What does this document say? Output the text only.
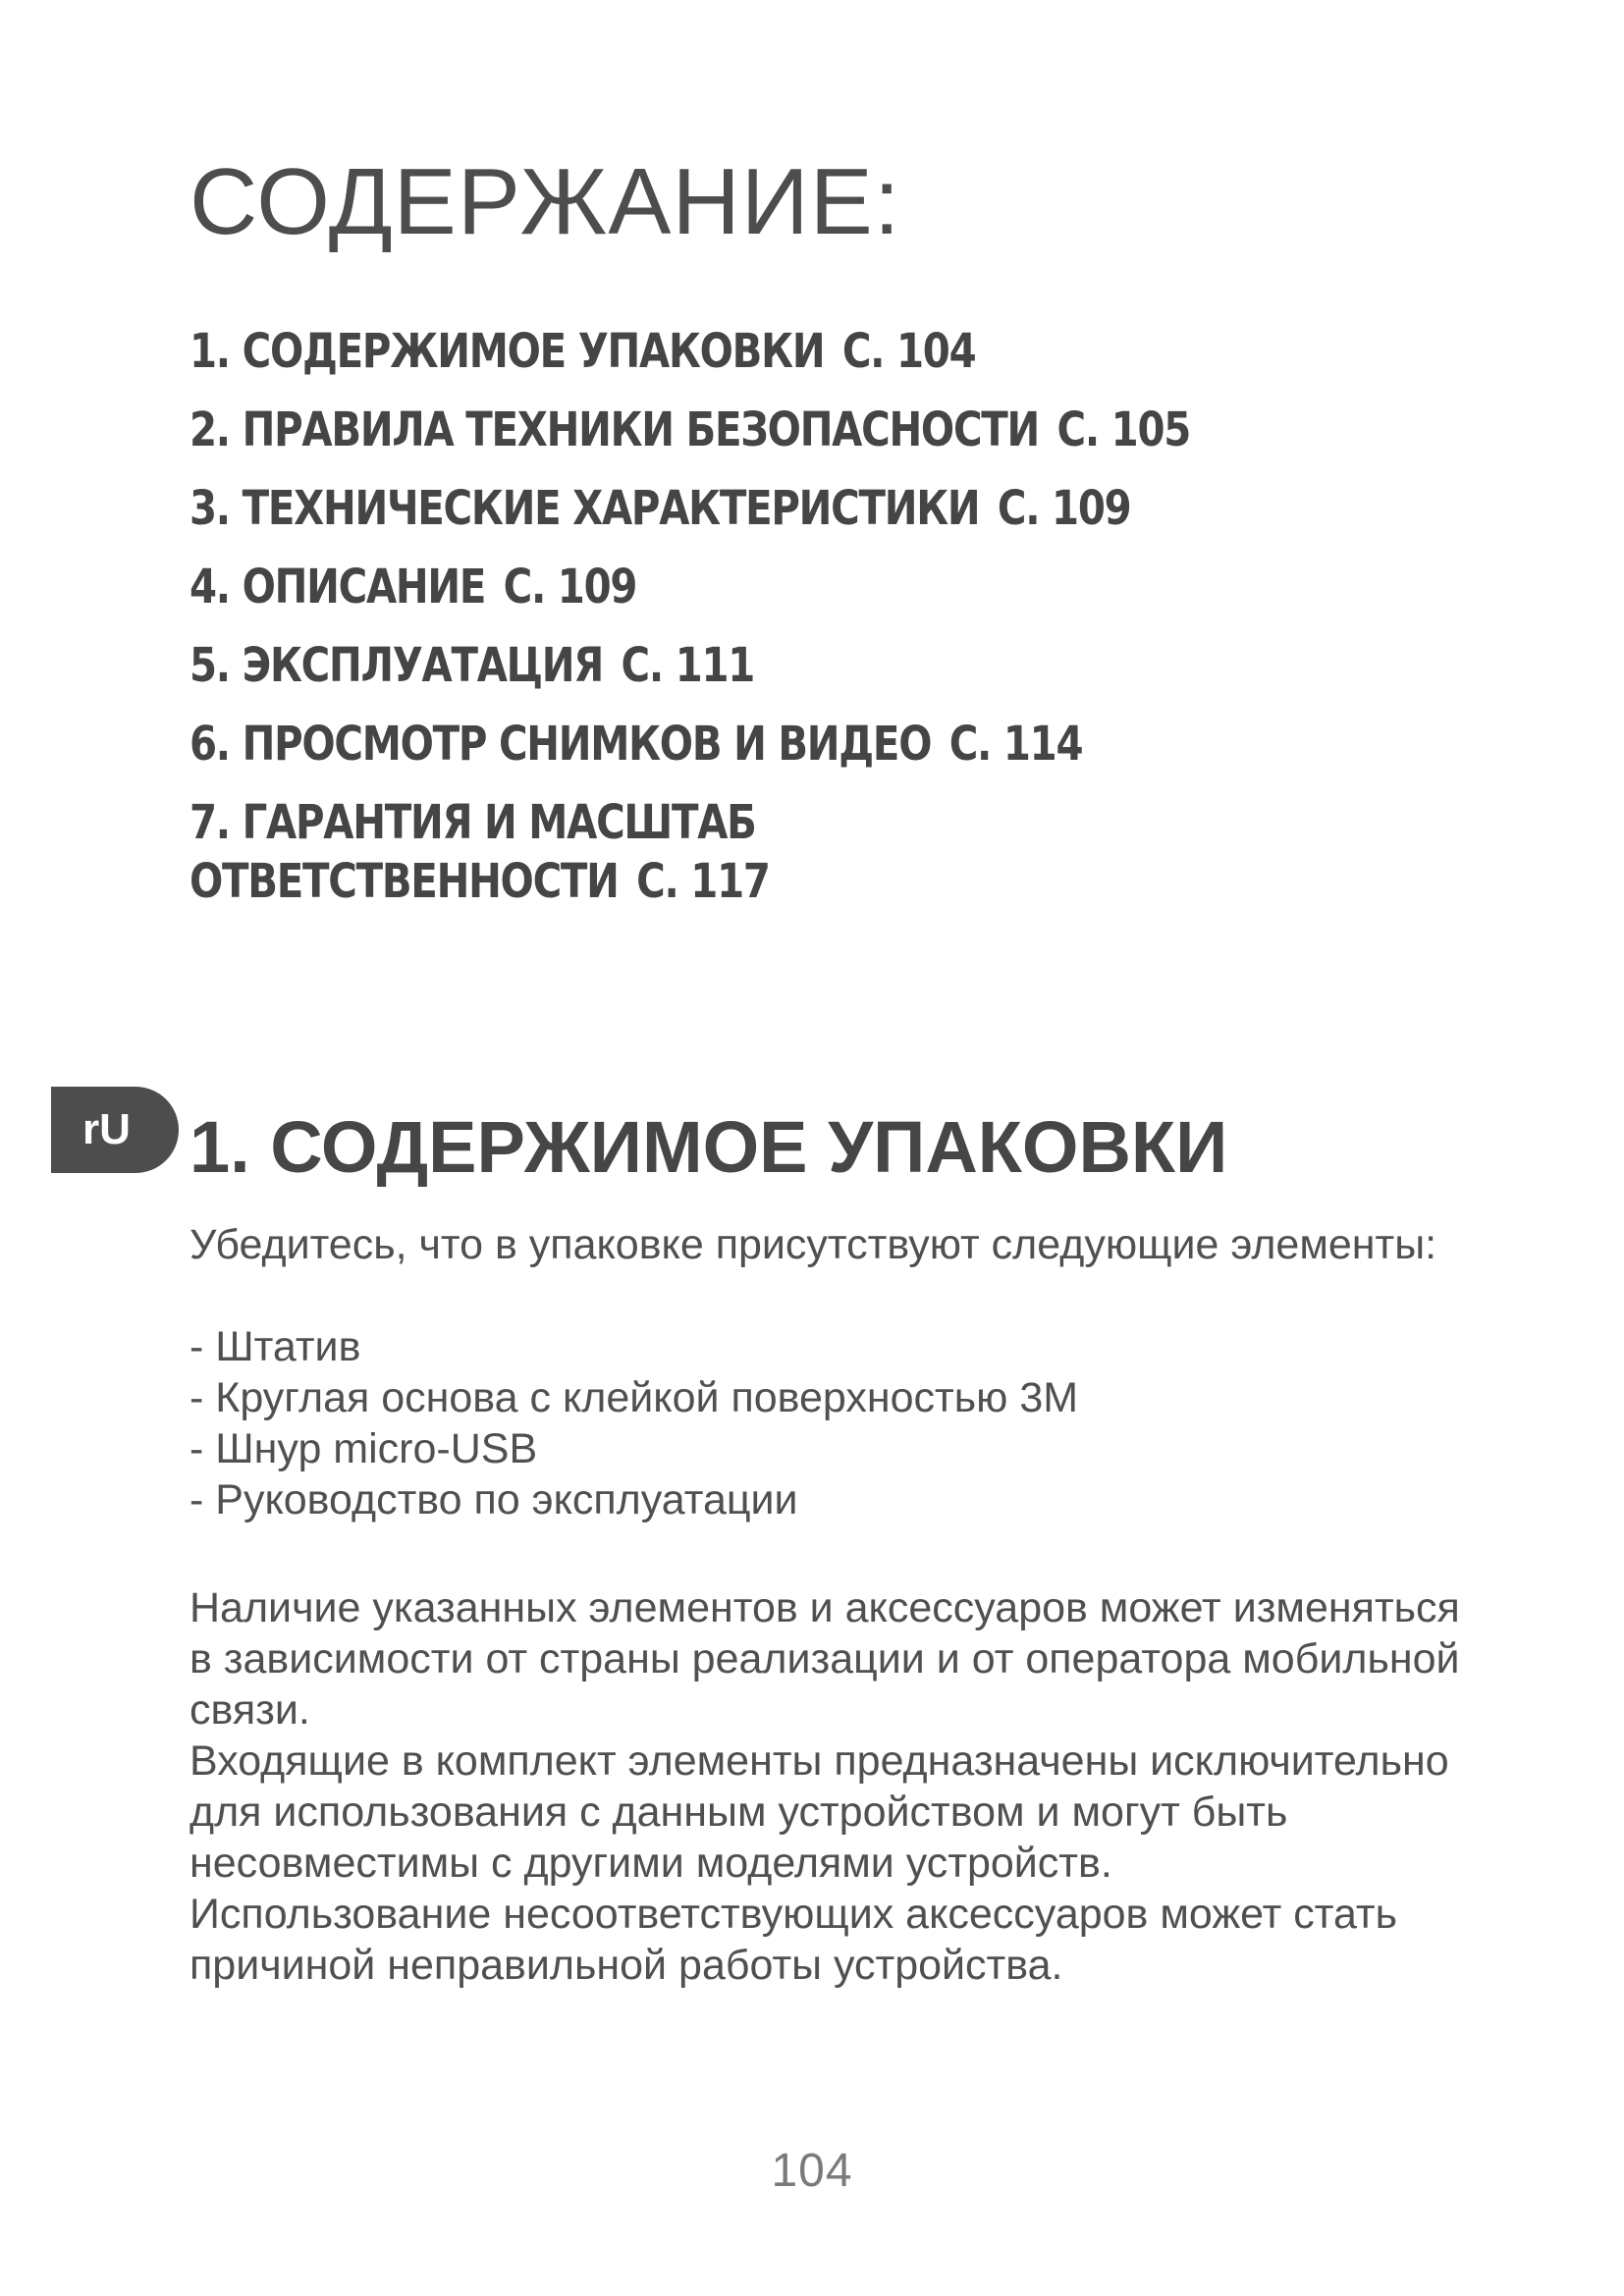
СОДЕРЖАНИЕ:
1. СОДЕРЖИМОЕ УПАКОВКИ С. 104
2. ПРАВИЛА ТЕХНИКИ БЕЗОПАСНОСТИ С. 105
3. ТЕХНИЧЕСКИЕ ХАРАКТЕРИСТИКИ С. 109
4. ОПИСАНИЕ С. 109
5. ЭКСПЛУАТАЦИЯ С. 111
6. ПРОСМОТР СНИМКОВ И ВИДЕО С. 114
7. ГАРАНТИЯ И МАСШТАБ
ОТВЕТСТВЕННОСТИ С. 117
rU 1. СОДЕРЖИМОЕ УПАКОВКИ

Убедитесь, что в упаковке присутствуют следующие элементы:

- Штатив
- Круглая основа с клейкой поверхностью 3M
- Шнур micro-USB
- Руководство по эксплуатации

Наличие указанных элементов и аксессуаров может изменяться в зависимости от страны реализации и от оператора мобильной связи.

Входящие в комплект элементы предназначены исключительно для использования с данным устройством и могут быть несовместимы с другими моделями устройств.

Использование несоответствующих аксессуаров может стать причиной неправильной работы устройства.

104
